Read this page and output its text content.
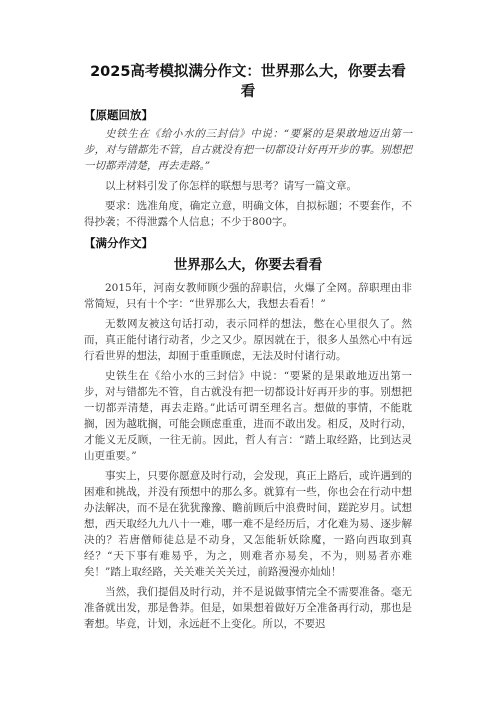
2025高考模拟满分作文：世界那么大，你要去看看
【原题回放】

史铁生在《给小水的三封信》中说：“要紧的是果敢地迈出第一步，对与错都先不管，自古就没有把一切都设计好再开步的事。别想把一切都弄清楚，再去走路。”

以上材料引发了你怎样的联想与思考？请写一篇文章。

要求：选准角度，确定立意，明确文体，自拟标题；不要套作，不得抄袭；不得泄露个人信息；不少于800字。

【满分作文】
世界那么大，你要去看看

2015年，河南女教师顾少强的辞职信，火爆了全网。辞职理由非常简短，只有十个字：“世界那么大，我想去看看！”

无数网友被这句话打动，表示同样的想法，憋在心里很久了。然而，真正能付诸行动者，少之又少。原因就在于，很多人虽然心中有远行看世界的想法，却囿于重重顾虑，无法及时付诸行动。

史铁生在《给小水的三封信》中说：“要紧的是果敢地迈出第一步，对与错都先不管，自古就没有把一切都设计好再开步的事。别想把一切都弄清楚，再去走路。”此话可谓至理名言。想做的事情，不能耽搁，因为越耽搁，可能会顾虑重重，进而不敢出发。相反，及时行动，才能义无反顾，一往无前。因此，哲人有言：“踏上取经路，比到达灵山更重要。”

事实上，只要你愿意及时行动，会发现，真正上路后，或许遇到的困难和挑战，并没有预想中的那么多。就算有一些，你也会在行动中想办法解决，而不是在犹犹豫豫、瞻前顾后中浪费时间，蹉跎岁月。试想想，西天取经九九八十一难，哪一难不是经历后，才化难为易、逐步解决的？若唐僧师徒总是不动身，又怎能斩妖除魔，一路向西取到真经？“天下事有难易乎，为之，则难者亦易矣，不为，则易者亦难矣！”踏上取经路，关关难关关关过，前路漫漫亦灿灿！

当然，我们提倡及时行动，并不是说做事情完全不需要准备。毫无准备就出发，那是鲁莽。但是，如果想着做好万全准备再行动，那也是奢想。毕竟，计划，永远赶不上变化。所以，不要迟
